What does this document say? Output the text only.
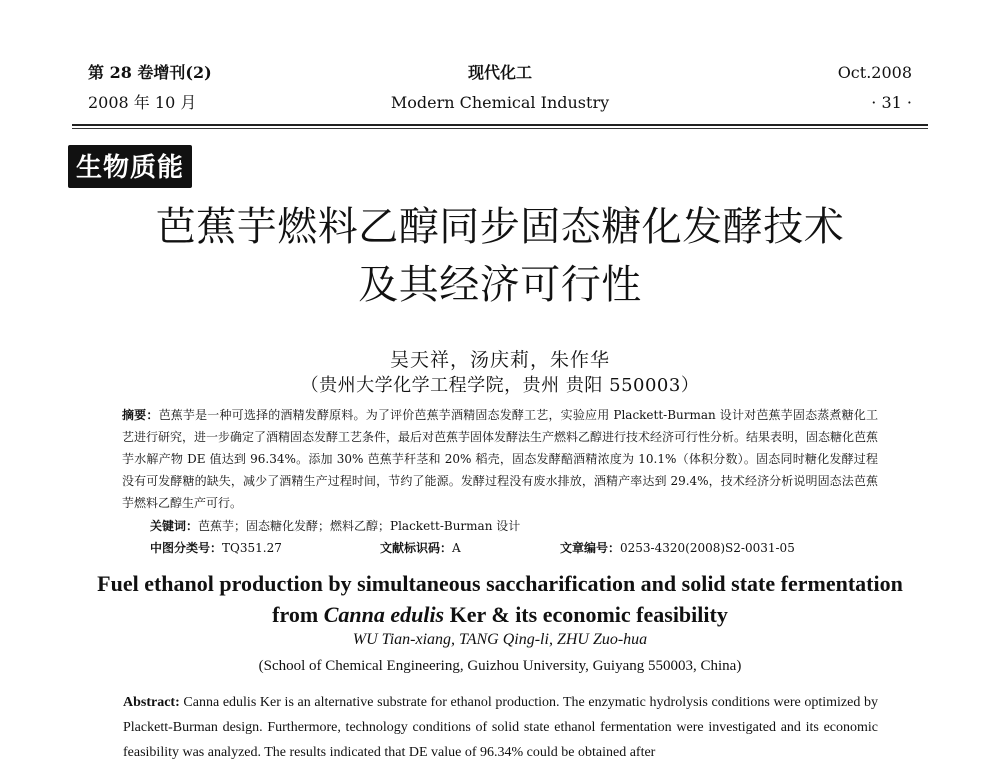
第 28 卷增刊(2)	现代化工	Oct.2008
2008 年 10 月	Modern Chemical Industry	· 31 ·
生物质能
芭蕉芋燃料乙醇同步固态糖化发酵技术
及其经济可行性
吴天祥，汤庆莉，朱作华
（贵州大学化学工程学院，贵州 贵阳 550003）
摘要：芭蕉芋是一种可选择的酒精发酵原料。为了评价芭蕉芋酒精固态发酵工艺，实验应用 Plackett-Burman 设计对芭蕉芋固态蒸煮糖化工艺进行研究，进一步确定了酒精固态发酵工艺条件，最后对芭蕉芋固体发酵法生产燃料乙醇进行技术经济可行性分析。结果表明，固态糖化芭蕉芋水解产物 DE 值达到 96.34%。添加 30% 芭蕉芋秆茎和 20% 稻壳，固态发酵醅酒精浓度为 10.1%（体积分数）。固态同时糖化发酵过程没有可发酵糖的缺失，减少了酒精生产过程时间，节约了能源。发酵过程没有废水排放，酒精产率达到 29.4%，技术经济分析说明固态法芭蕉芋燃料乙醇生产可行。
关键词：芭蕉芋；固态糖化发酵；燃料乙醇；Plackett-Burman 设计
中图分类号：TQ351.27	文献标识码：A	文章编号：0253-4320(2008)S2-0031-05
Fuel ethanol production by simultaneous saccharification and solid state fermentation
from Canna edulis Ker & its economic feasibility
WU Tian-xiang, TANG Qing-li, ZHU Zuo-hua
(School of Chemical Engineering, Guizhou University, Guiyang 550003, China)
Abstract: Canna edulis Ker is an alternative substrate for ethanol production. The enzymatic hydrolysis conditions were optimized by Plackett-Burman design. Furthermore, technology conditions of solid state ethanol fermentation were investigated and its economic feasibility was analyzed. The results indicated that DE value of 96.34% could be obtained after
